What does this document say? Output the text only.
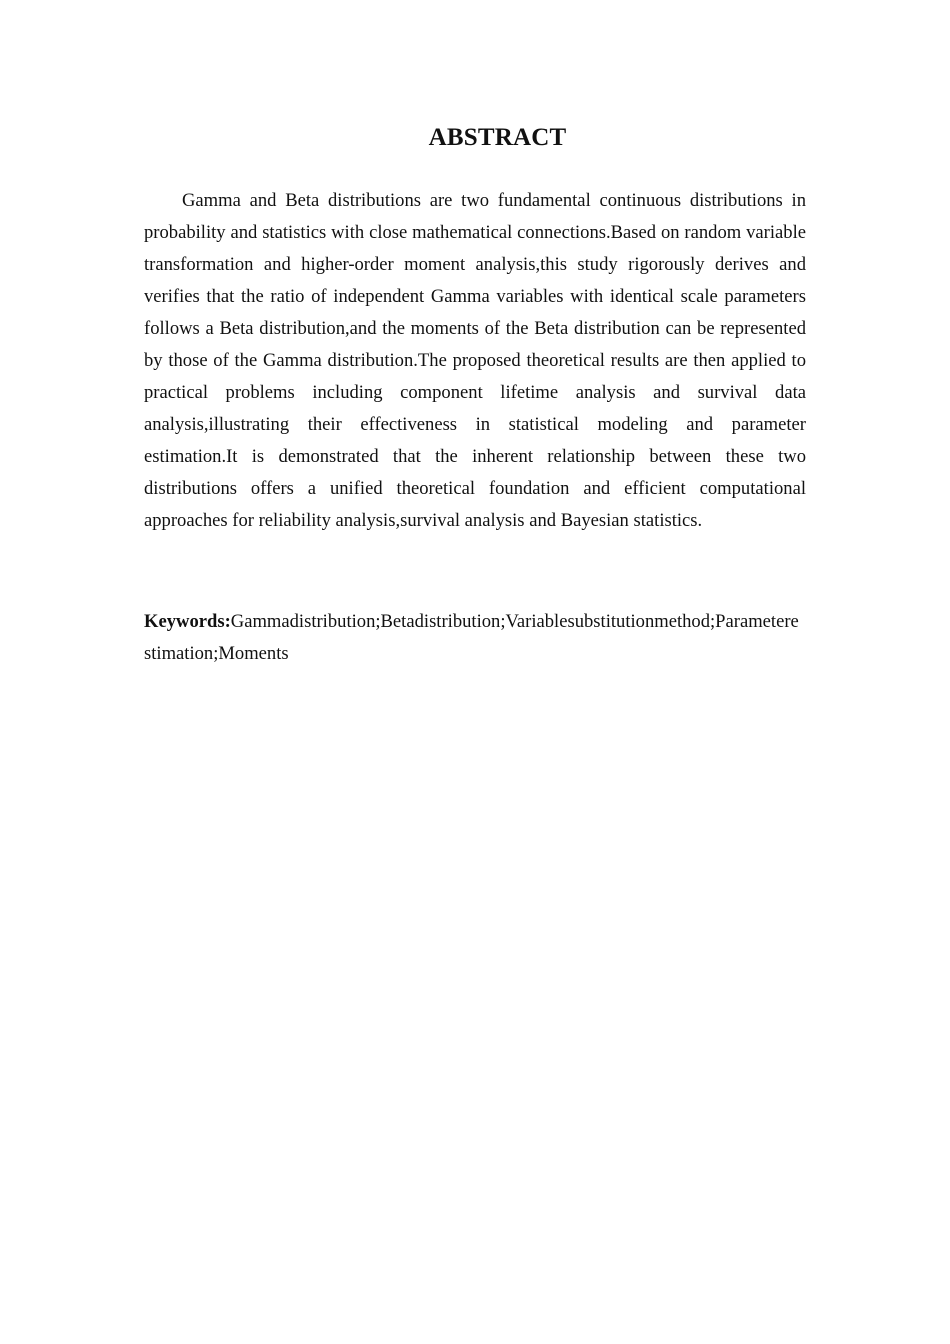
ABSTRACT

Gamma and Beta distributions are two fundamental continuous distributions in probability and statistics with close mathematical connections.Based on random variable transformation and higher-order moment analysis,this study rigorously derives and verifies that the ratio of independent Gamma variables with identical scale parameters follows a Beta distribution,and the moments of the Beta distribution can be represented by those of the Gamma distribution.The proposed theoretical results are then applied to practical problems including component lifetime analysis and survival data analysis,illustrating their effectiveness in statistical modeling and parameter estimation.It is demonstrated that the inherent relationship between these two distributions offers a unified theoretical foundation and efficient computational approaches for reliability analysis,survival analysis and Bayesian statistics.

Keywords:Gammadistribution;Betadistribution;Variablesubstitutionmethod;Parameterestimation;Moments
